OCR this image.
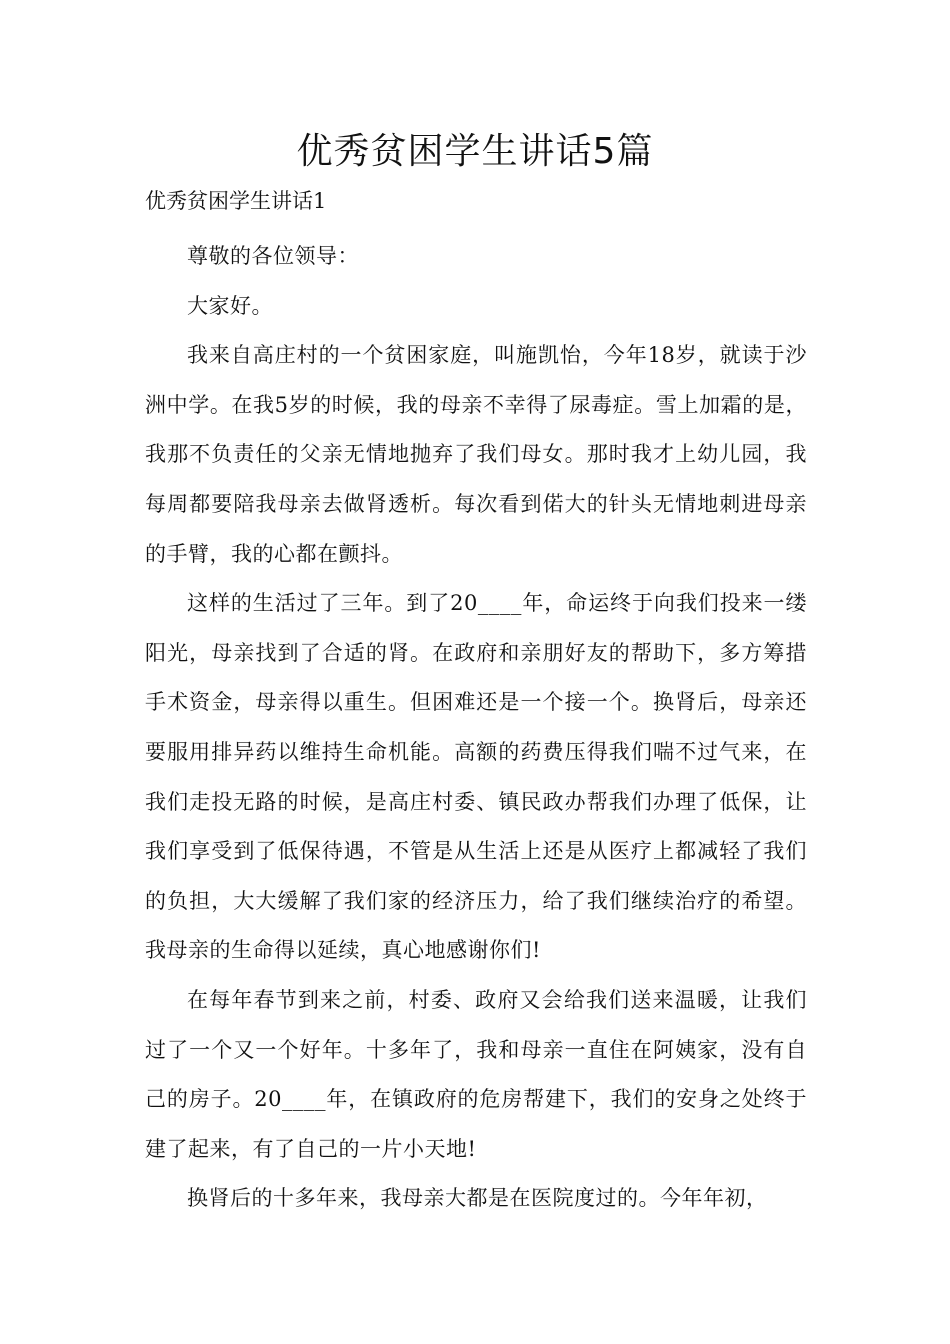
优秀贫困学生讲话5篇
优秀贫困学生讲话1

尊敬的各位领导：

大家好。

我来自高庄村的一个贫困家庭，叫施凯怡，今年18岁，就读于沙洲中学。在我5岁的时候，我的母亲不幸得了尿毒症。雪上加霜的是，我那不负责任的父亲无情地抛弃了我们母女。那时我才上幼儿园，我每周都要陪我母亲去做肾透析。每次看到偌大的针头无情地刺进母亲的手臂，我的心都在颤抖。

这样的生活过了三年。到了20____年，命运终于向我们投来一缕阳光，母亲找到了合适的肾。在政府和亲朋好友的帮助下，多方筹措手术资金，母亲得以重生。但困难还是一个接一个。换肾后，母亲还要服用排异药以维持生命机能。高额的药费压得我们喘不过气来，在我们走投无路的时候，是高庄村委、镇民政办帮我们办理了低保，让我们享受到了低保待遇，不管是从生活上还是从医疗上都减轻了我们的负担，大大缓解了我们家的经济压力，给了我们继续治疗的希望。我母亲的生命得以延续，真心地感谢你们!

在每年春节到来之前，村委、政府又会给我们送来温暖，让我们过了一个又一个好年。十多年了，我和母亲一直住在阿姨家，没有自己的房子。20____年，在镇政府的危房帮建下，我们的安身之处终于建了起来，有了自己的一片小天地!

换肾后的十多年来，我母亲大都是在医院度过的。今年年初，
